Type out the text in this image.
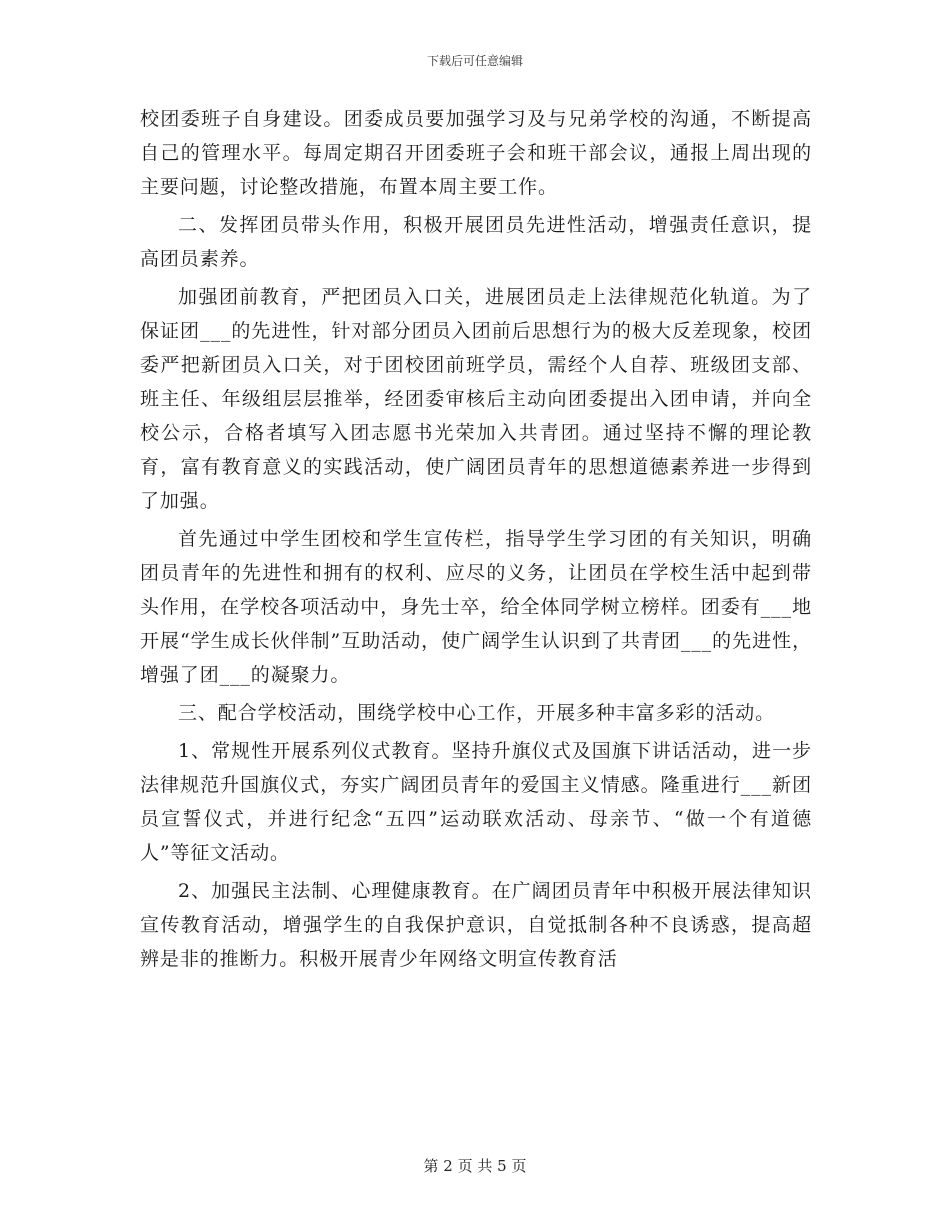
下载后可任意编辑

校团委班子自身建设。团委成员要加强学习及与兄弟学校的沟通，不断提高自己的管理水平。每周定期召开团委班子会和班干部会议，通报上周出现的主要问题，讨论整改措施，布置本周主要工作。

二、发挥团员带头作用，积极开展团员先进性活动，增强责任意识，提高团员素养。

加强团前教育，严把团员入口关，进展团员走上法律规范化轨道。为了保证团___的先进性，针对部分团员入团前后思想行为的极大反差现象，校团委严把新团员入口关，对于团校团前班学员，需经个人自荐、班级团支部、班主任、年级组层层推举，经团委审核后主动向团委提出入团申请，并向全校公示，合格者填写入团志愿书光荣加入共青团。通过坚持不懈的理论教育，富有教育意义的实践活动，使广阔团员青年的思想道德素养进一步得到了加强。

首先通过中学生团校和学生宣传栏，指导学生学习团的有关知识，明确团员青年的先进性和拥有的权利、应尽的义务，让团员在学校生活中起到带头作用，在学校各项活动中，身先士卒，给全体同学树立榜样。团委有___地开展“学生成长伙伴制”互助活动，使广阔学生认识到了共青团___的先进性，增强了团___的凝聚力。

三、配合学校活动，围绕学校中心工作，开展多种丰富多彩的活动。

1、常规性开展系列仪式教育。坚持升旗仪式及国旗下讲话活动，进一步法律规范升国旗仪式，夯实广阔团员青年的爱国主义情感。隆重进行___新团员宣誓仪式，并进行纪念“五四”运动联欢活动、母亲节、“做一个有道德人”等征文活动。

2、加强民主法制、心理健康教育。在广阔团员青年中积极开展法律知识宣传教育活动，增强学生的自我保护意识，自觉抵制各种不良诱惑，提高超辨是非的推断力。积极开展青少年网络文明宣传教育活

第 2 页 共 5 页
